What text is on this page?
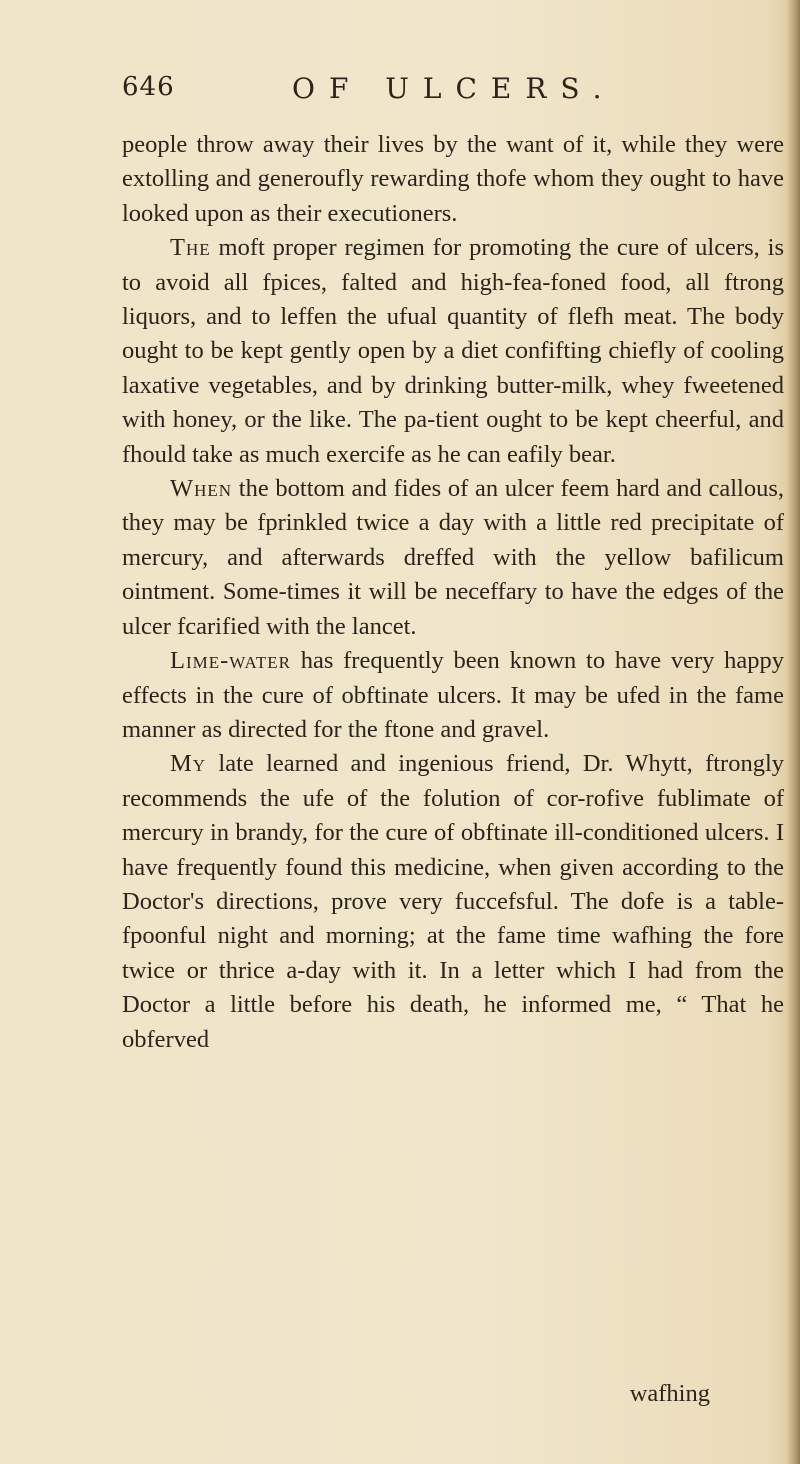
646	OF ULCERS.

people throw away their lives by the want of it, while they were extolling and generoufly rewarding thofe whom they ought to have looked upon as their executioners.

The moft proper regimen for promoting the cure of ulcers, is to avoid all fpices, falted and high-fea-foned food, all ftrong liquors, and to leffen the ufual quantity of flefh meat. The body ought to be kept gently open by a diet confifting chiefly of cooling laxative vegetables, and by drinking butter-milk, whey fweetened with honey, or the like. The pa-tient ought to be kept cheerful, and fhould take as much exercife as he can eafily bear.

When the bottom and fides of an ulcer feem hard and callous, they may be fprinkled twice a day with a little red precipitate of mercury, and afterwards dreffed with the yellow bafilicum ointment. Some-times it will be neceffary to have the edges of the ulcer fcarified with the lancet.

Lime-water has frequently been known to have very happy effects in the cure of obftinate ulcers. It may be ufed in the fame manner as directed for the ftone and gravel.

My late learned and ingenious friend, Dr. Whytt, ftrongly recommends the ufe of the folution of cor-rofive fublimate of mercury in brandy, for the cure of obftinate ill-conditioned ulcers. I have frequently found this medicine, when given according to the Doctor's directions, prove very fuccefsful. The dofe is a table-fpoonful night and morning; at the fame time wafhing the fore twice or thrice a-day with it. In a letter which I had from the Doctor a little before his death, he informed me, “ That he obferved

wafhing
